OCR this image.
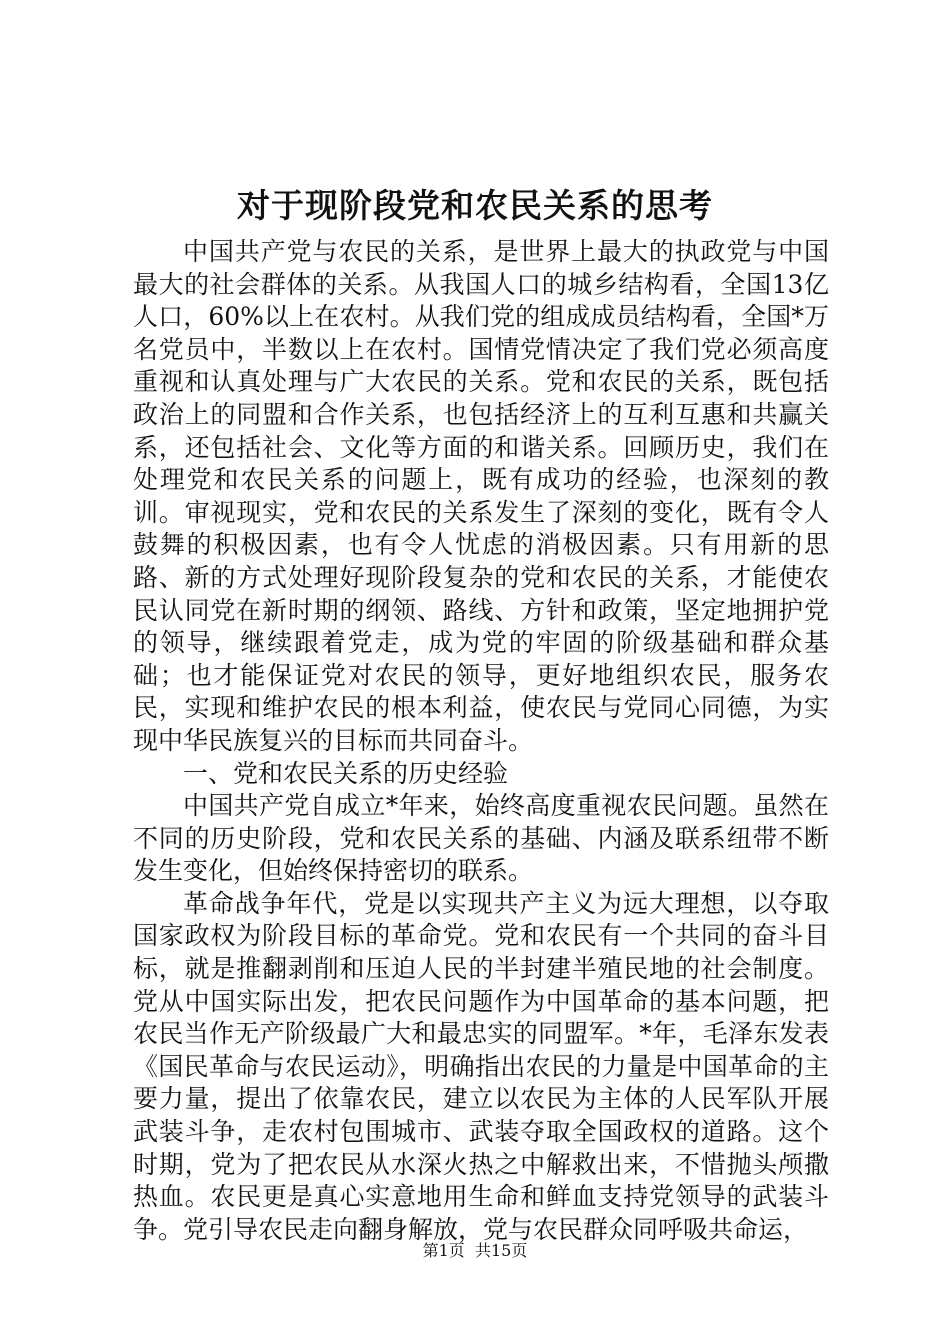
对于现阶段党和农民关系的思考

中国共产党与农民的关系，是世界上最大的执政党与中国最大的社会群体的关系。从我国人口的城乡结构看，全国13亿人口，60%以上在农村。从我们党的组成成员结构看，全国*万名党员中，半数以上在农村。国情党情决定了我们党必须高度重视和认真处理与广大农民的关系。党和农民的关系，既包括政治上的同盟和合作关系，也包括经济上的互利互惠和共赢关系，还包括社会、文化等方面的和谐关系。回顾历史，我们在处理党和农民关系的问题上，既有成功的经验，也深刻的教训。审视现实，党和农民的关系发生了深刻的变化，既有令人鼓舞的积极因素，也有令人忧虑的消极因素。只有用新的思路、新的方式处理好现阶段复杂的党和农民的关系，才能使农民认同党在新时期的纲领、路线、方针和政策，坚定地拥护党的领导，继续跟着党走，成为党的牢固的阶级基础和群众基础；也才能保证党对农民的领导，更好地组织农民，服务农民，实现和维护农民的根本利益，使农民与党同心同德，为实现中华民族复兴的目标而共同奋斗。

一、党和农民关系的历史经验

中国共产党自成立*年来，始终高度重视农民问题。虽然在不同的历史阶段，党和农民关系的基础、内涵及联系纽带不断发生变化，但始终保持密切的联系。

革命战争年代，党是以实现共产主义为远大理想，以夺取国家政权为阶段目标的革命党。党和农民有一个共同的奋斗目标，就是推翻剥削和压迫人民的半封建半殖民地的社会制度。党从中国实际出发，把农民问题作为中国革命的基本问题，把农民当作无产阶级最广大和最忠实的同盟军。*年，毛泽东发表《国民革命与农民运动》，明确指出农民的力量是中国革命的主要力量，提出了依靠农民，建立以农民为主体的人民军队开展武装斗争，走农村包围城市、武装夺取全国政权的道路。这个时期，党为了把农民从水深火热之中解救出来，不惜抛头颅撒热血。农民更是真心实意地用生命和鲜血支持党领导的武装斗争。党引导农民走向翻身解放，党与农民群众同呼吸共命运，

第1页 共15页
